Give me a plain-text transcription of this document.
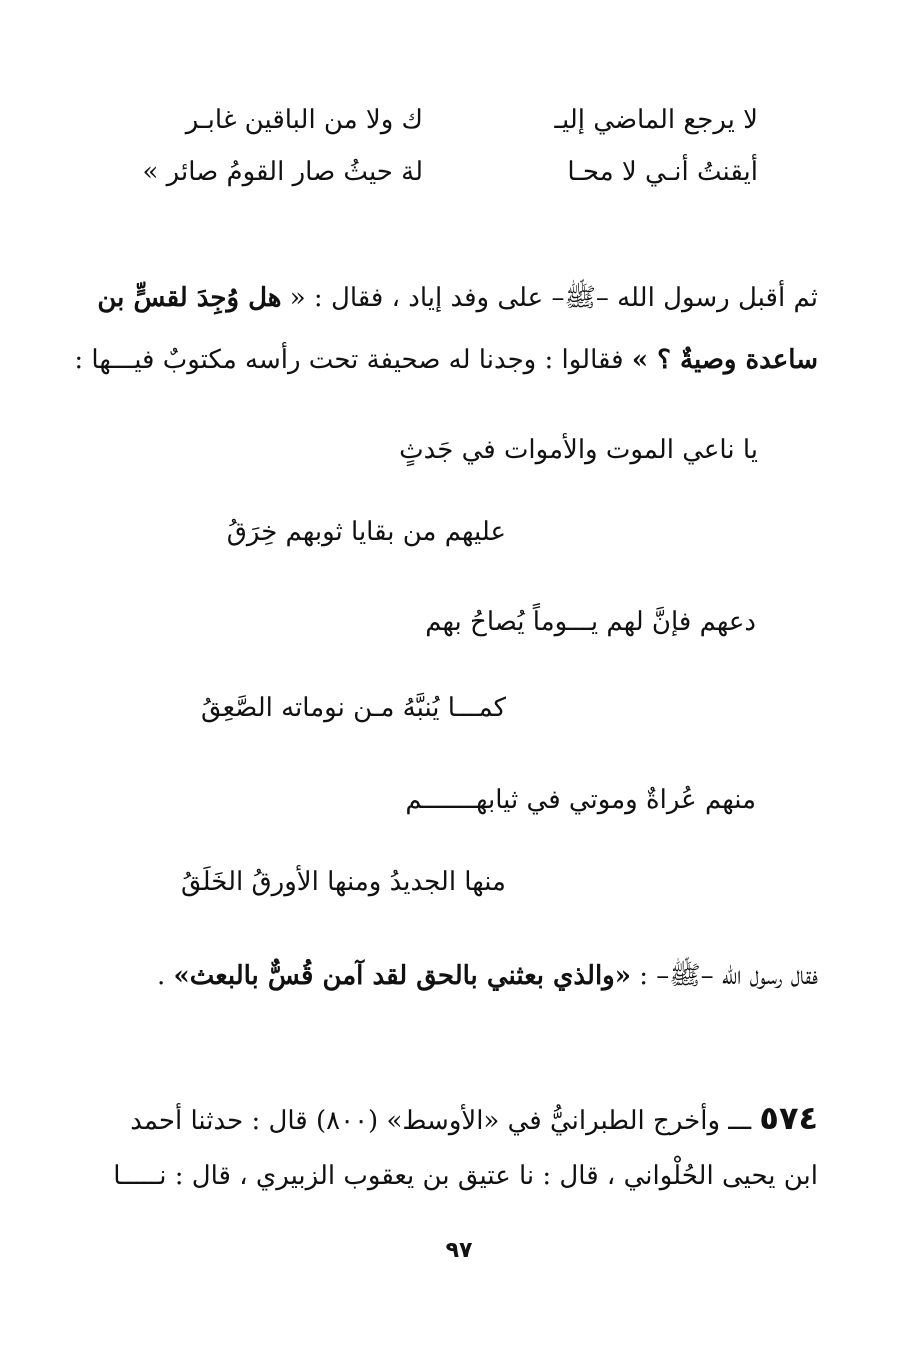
لا يرجع الماضي إليـ
ك ولا من الباقين غابـر
أيقنتُ أنـي لا محـا
لة حيثُ صار القومُ صائر »
ثم أقبل رسول الله –ﷺ– على وفد إياد ، فقال : « هل وُجِدَ لقسٍّ بن
ساعدة وصيةٌ ؟ » فقالوا : وجدنا له صحيفة تحت رأسه مكتوبٌ فيـــها :
يا ناعي الموت والأموات في جَدثٍ
عليهم من بقايا ثوبهم خِرَقُ
دعهم فإنَّ لهم يـــوماً يُصاحُ بهم
كمـــا يُنبَّهُ مـن نوماته الصَّعِقُ
منهم عُراةٌ وموتي في ثيابهـــــــم
منها الجديدُ ومنها الأورقُ الخَلَقُ
فقال رسول الله –ﷺ– : «والذي بعثني بالحق لقد آمن قُسٌّ بالبعث» .
٥٧٤ ـــ وأخرج الطبرانيُّ في «الأوسط» (٨٠٠) قال : حدثنا أحمد
ابن يحيى الحُلْواني ، قال : نا عتيق بن يعقوب الزبيري ، قال : نـــــا
٩٧
